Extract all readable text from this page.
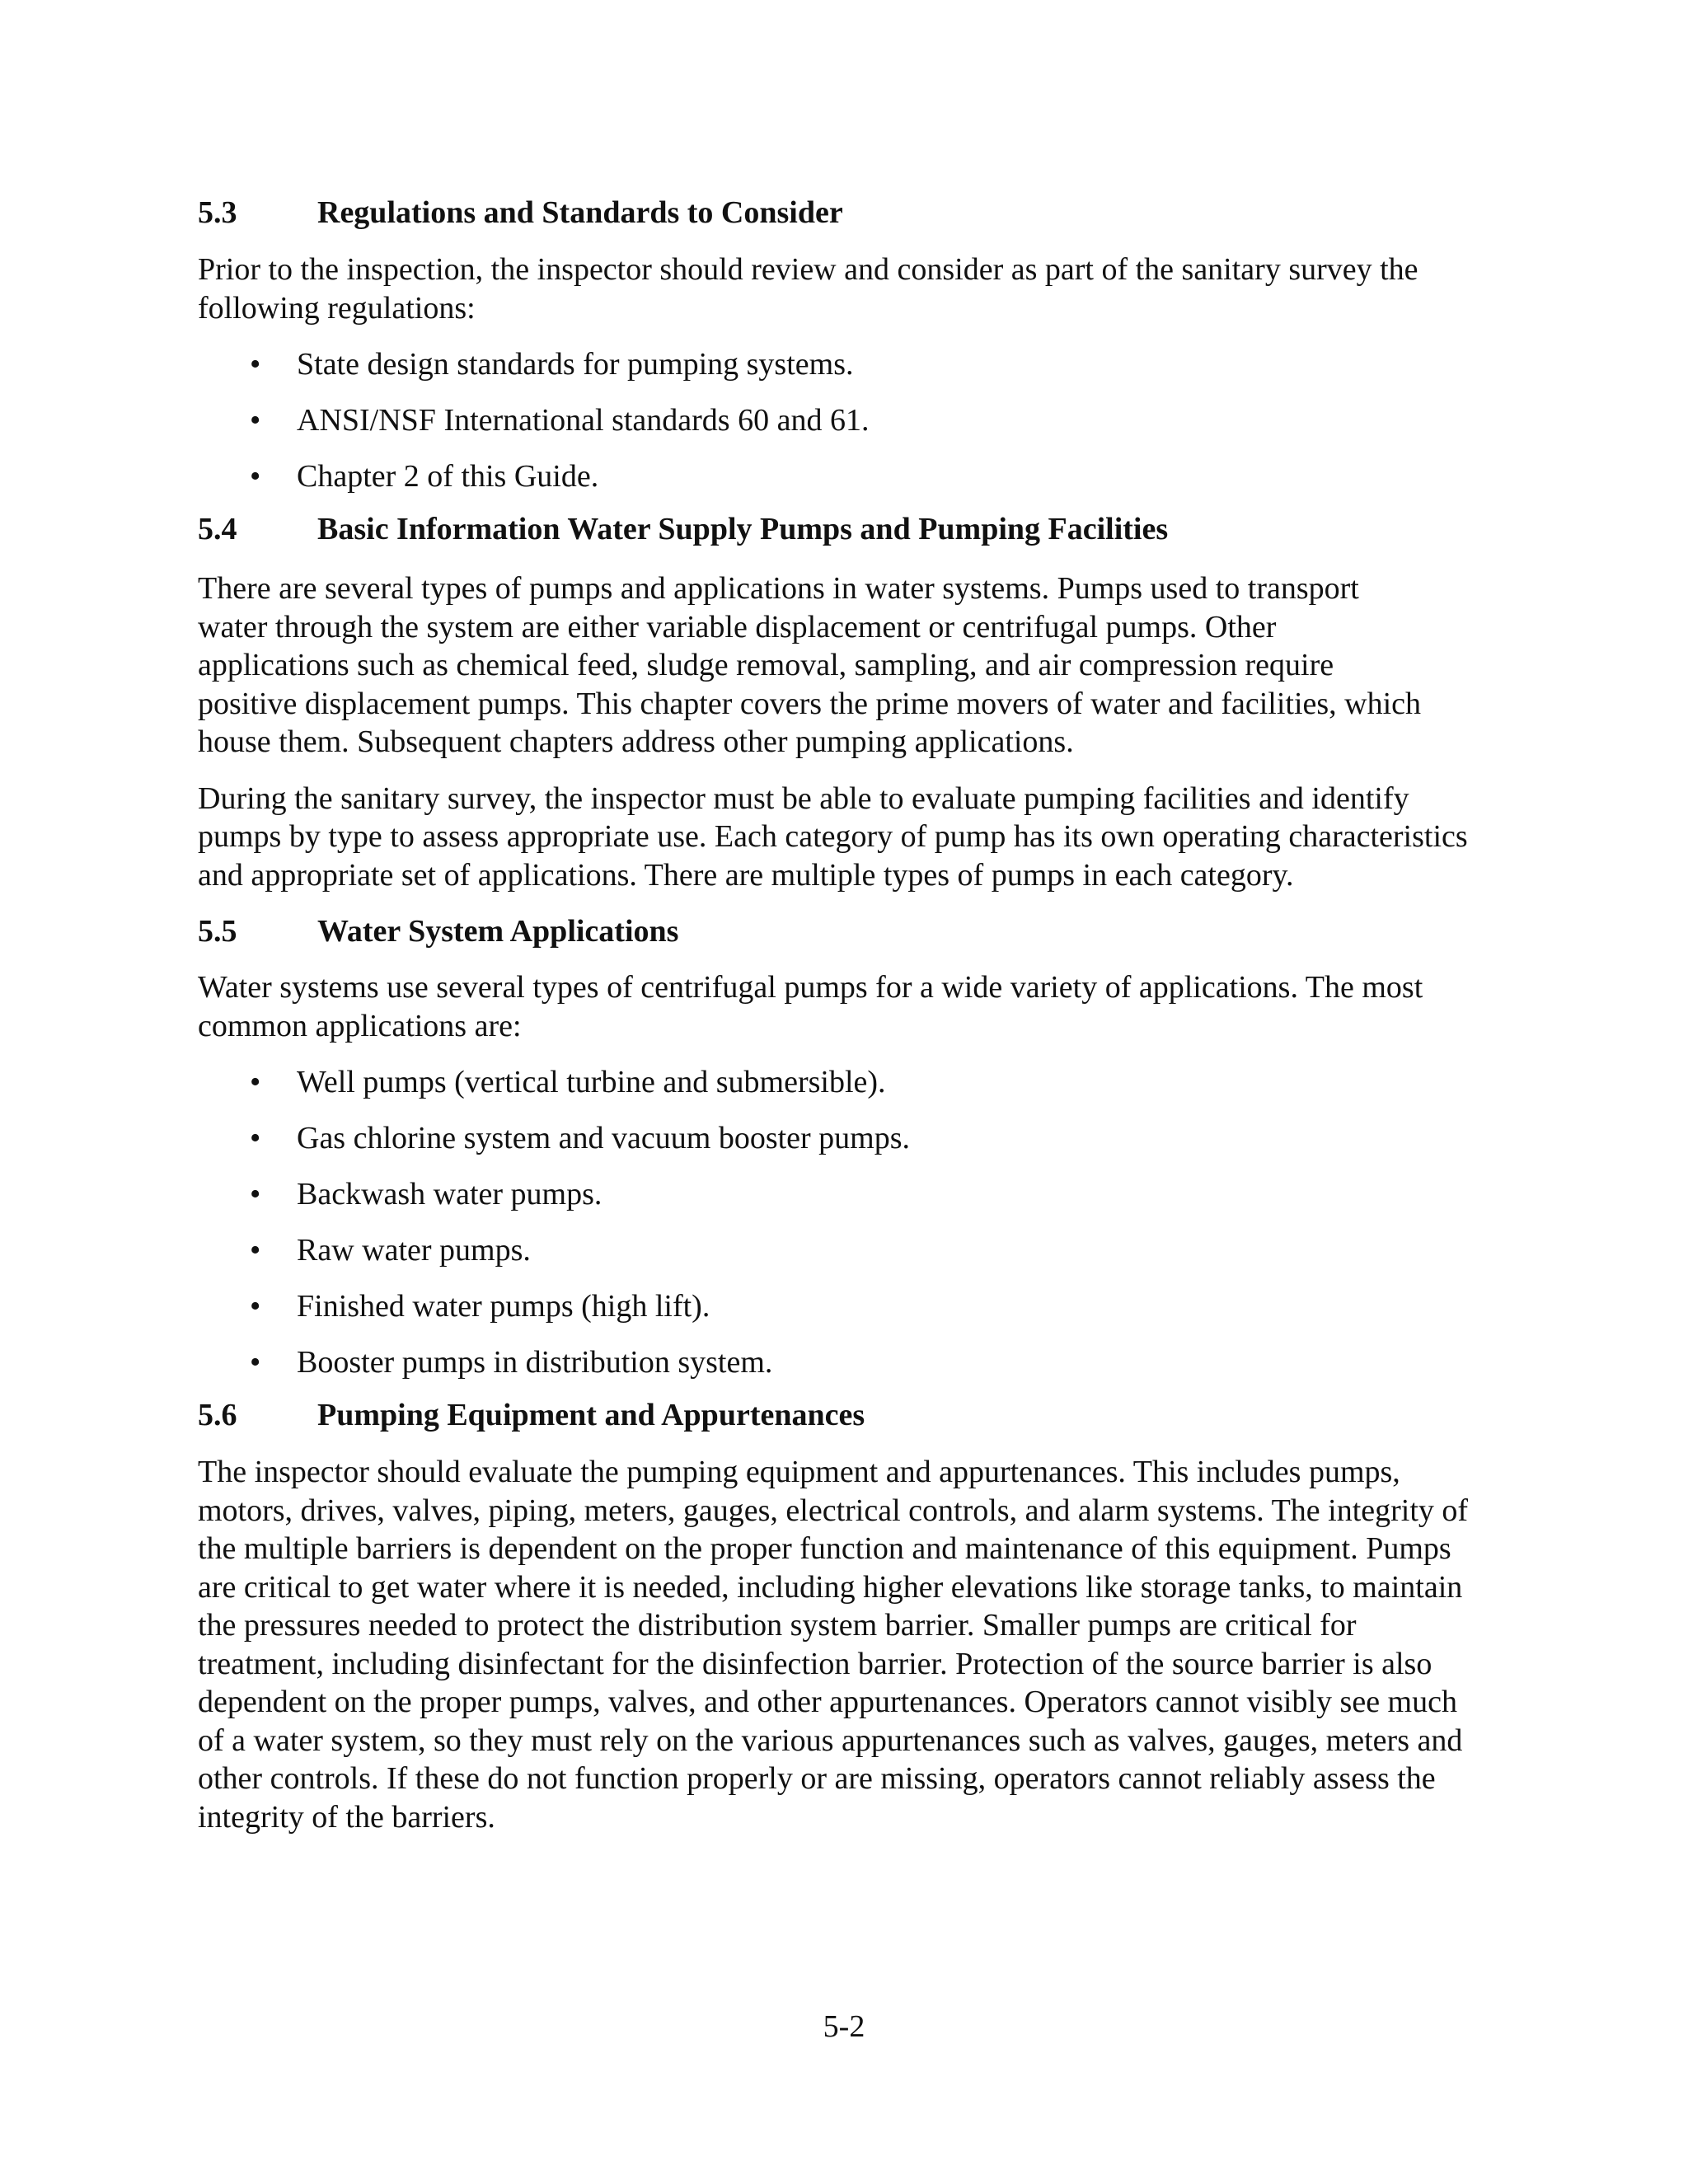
5.3	Regulations and Standards to Consider

Prior to the inspection, the inspector should review and consider as part of the sanitary survey the following regulations:

• State design standards for pumping systems.
• ANSI/NSF International standards 60 and 61.
• Chapter 2 of this Guide.
5.4	Basic Information Water Supply Pumps and Pumping Facilities

There are several types of pumps and applications in water systems. Pumps used to transport water through the system are either variable displacement or centrifugal pumps. Other applications such as chemical feed, sludge removal, sampling, and air compression require positive displacement pumps. This chapter covers the prime movers of water and facilities, which house them. Subsequent chapters address other pumping applications.

During the sanitary survey, the inspector must be able to evaluate pumping facilities and identify pumps by type to assess appropriate use. Each category of pump has its own operating characteristics and appropriate set of applications. There are multiple types of pumps in each category.

5.5	Water System Applications

Water systems use several types of centrifugal pumps for a wide variety of applications. The most common applications are:

• Well pumps (vertical turbine and submersible).
• Gas chlorine system and vacuum booster pumps.
• Backwash water pumps.
• Raw water pumps.
• Finished water pumps (high lift).
• Booster pumps in distribution system.
5.6	Pumping Equipment and Appurtenances

The inspector should evaluate the pumping equipment and appurtenances. This includes pumps, motors, drives, valves, piping, meters, gauges, electrical controls, and alarm systems. The integrity of the multiple barriers is dependent on the proper function and maintenance of this equipment. Pumps are critical to get water where it is needed, including higher elevations like storage tanks, to maintain the pressures needed to protect the distribution system barrier. Smaller pumps are critical for treatment, including disinfectant for the disinfection barrier. Protection of the source barrier is also dependent on the proper pumps, valves, and other appurtenances. Operators cannot visibly see much of a water system, so they must rely on the various appurtenances such as valves, gauges, meters and other controls. If these do not function properly or are missing, operators cannot reliably assess the integrity of the barriers.

5-2
